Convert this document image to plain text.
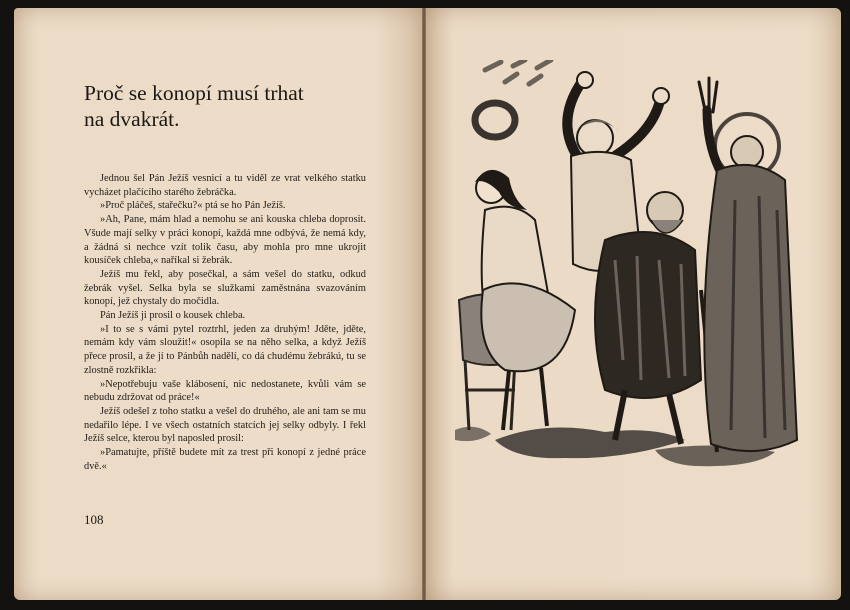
Proč se konopí musí trhat
na dvakrát.

Jednou šel Pán Ježíš vesnicí a tu viděl ze vrat velkého statku vycházet plačícího starého žebráčka.

»Proč pláčeš, stařečku?« ptá se ho Pán Ježíš.

»Ah, Pane, mám hlad a nemohu se ani kouska chleba doprosit. Všude mají selky v práci konopí, každá mne odbývá, že nemá kdy, a žádná si nechce vzít tolik času, aby mohla pro mne ukrojit kousíček chleba,« naříkal si žebrák.

Ježíš mu řekl, aby posečkal, a sám vešel do statku, odkud žebrák vyšel. Selka byla se služkami zaměstnána svazováním konopí, jež chystaly do močidla.

Pán Ježíš ji prosil o kousek chleba.

»I to se s vámi pytel roztrhl, jeden za druhým! Jděte, jděte, nemám kdy vám sloužit!« osopila se na něho selka, a když Ježíš přece prosil, a že jí to Pánbůh nadělí, co dá chudému žebrákú, tu se zlostně rozkřikla:

»Nepotřebuju vaše klábosení, nic nedostanete, kvůli vám se nebudu zdržovat od práce!«

Ježíš odešel z toho statku a vešel do druhého, ale ani tam se mu nedařilo lépe. I ve všech ostatních statcích jej selky odbyly. I řekl Ježíš selce, kterou byl naposled prosil:

»Pamatujte, příště budete mít za trest při konopí z jedné práce dvě.«

108
